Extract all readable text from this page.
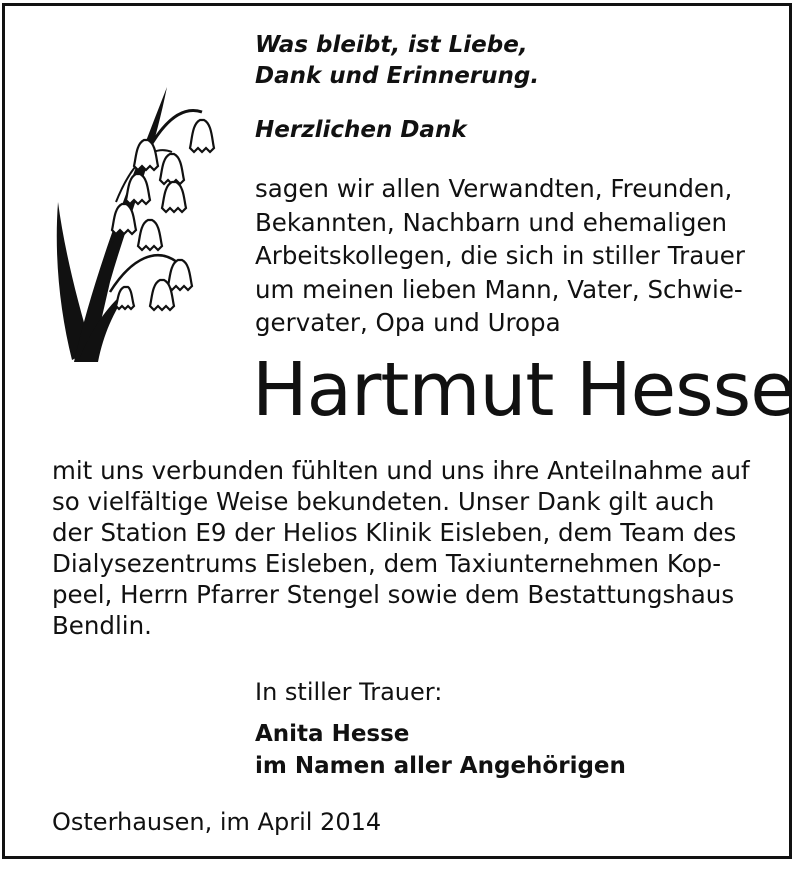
Was bleibt, ist Liebe,
Dank und Erinnerung.

Herzlichen Dank

sagen wir allen Verwandten, Freunden,
Bekannten, Nachbarn und ehemaligen
Arbeitskollegen, die sich in stiller Trauer
um meinen lieben Mann, Vater, Schwie-
gervater, Opa und Uropa

Hartmut Hesse

mit uns verbunden fühlten und uns ihre Anteilnahme auf
so vielfältige Weise bekundeten. Unser Dank gilt auch
der Station E9 der Helios Klinik Eisleben, dem Team des
Dialysezentrums Eisleben, dem Taxiunternehmen Kop-
peel, Herrn Pfarrer Stengel sowie dem Bestattungshaus
Bendlin.

In stiller Trauer:

Anita Hesse
im Namen aller Angehörigen

Osterhausen, im April 2014
